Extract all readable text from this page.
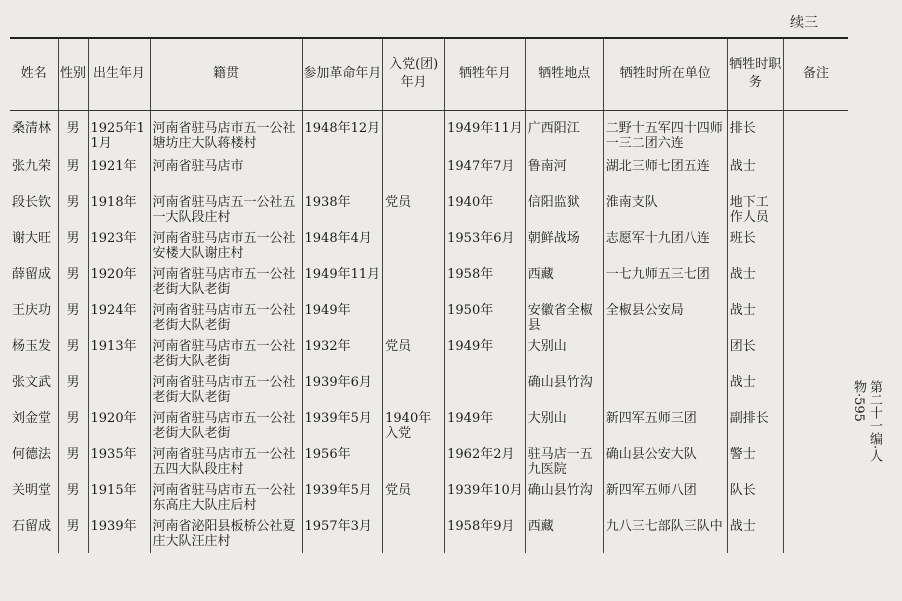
续三
第二十一编·人
物·595
姓名	性别	出生年月	籍贯	参加革命年月	入党(团)年月	牺牲年月	牺牲地点	牺牲时所在单位	牺牲时职务	备注
桑清林	男	1925年11月	河南省驻马店市五一公社塘坊庄大队蒋楼村	1948年12月		1949年11月	广西阳江	二野十五军四十四师一三二团六连	排长	
张九荣	男	1921年	河南省驻马店市			1947年7月	鲁南河	湖北三师七团五连	战士	
段长钦	男	1918年	河南省驻马店五一公社五一大队段庄村	1938年	党员	1940年	信阳监狱	淮南支队	地下工作人员	
谢大旺	男	1923年	河南省驻马店市五一公社安楼大队谢庄村	1948年4月		1953年6月	朝鲜战场	志愿军十九团八连	班长	
薛留成	男	1920年	河南省驻马店市五一公社老街大队老街	1949年11月		1958年	西藏	一七九师五三七团	战士	
王庆功	男	1924年	河南省驻马店市五一公社老街大队老街	1949年		1950年	安徽省全椒县	全椒县公安局	战士	
杨玉发	男	1913年	河南省驻马店市五一公社老街大队老街	1932年	党员	1949年	大别山		团长	
张文武	男		河南省驻马店市五一公社老街大队老街	1939年6月			确山县竹沟		战士	
刘金堂	男	1920年	河南省驻马店市五一公社老街大队老街	1939年5月	1940年入党	1949年	大别山	新四军五师三团	副排长	
何德法	男	1935年	河南省驻马店市五一公社五四大队段庄村	1956年		1962年2月	驻马店一五九医院	确山县公安大队	警士	
关明堂	男	1915年	河南省驻马店市五一公社东高庄大队庄后村	1939年5月	党员	1939年10月	确山县竹沟	新四军五师八团	队长	
石留成	男	1939年	河南省泌阳县板桥公社夏庄大队汪庄村	1957年3月		1958年9月	西藏	九八三七部队三队中	战士	
